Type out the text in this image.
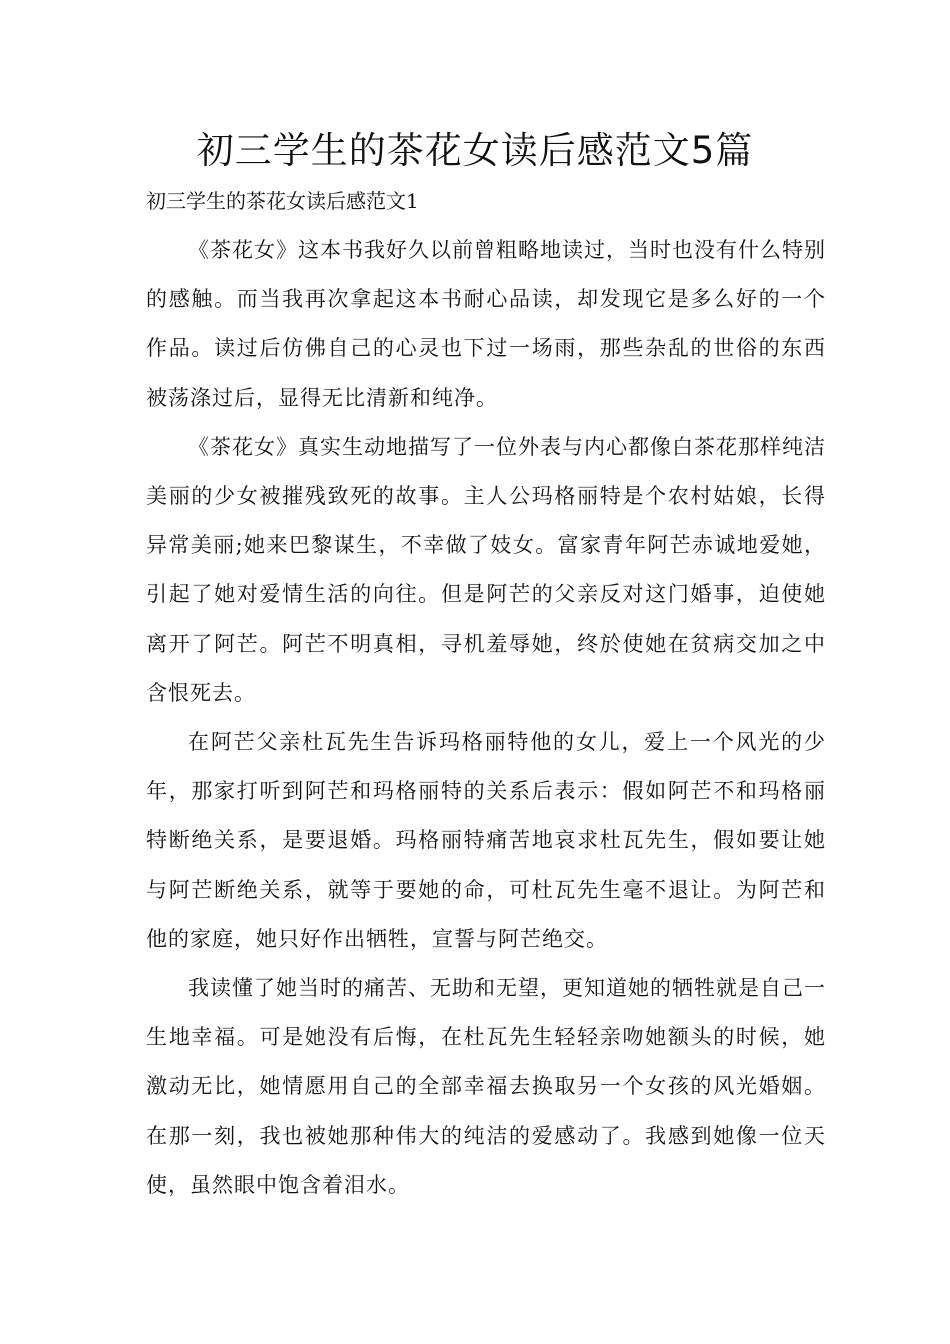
初三学生的茶花女读后感范文5篇

初三学生的茶花女读后感范文1

《茶花女》这本书我好久以前曾粗略地读过，当时也没有什么特别的感触。而当我再次拿起这本书耐心品读，却发现它是多么好的一个作品。读过后仿佛自己的心灵也下过一场雨，那些杂乱的世俗的东西被荡涤过后，显得无比清新和纯净。

《茶花女》真实生动地描写了一位外表与内心都像白茶花那样纯洁美丽的少女被摧残致死的故事。主人公玛格丽特是个农村姑娘，长得异常美丽;她来巴黎谋生，不幸做了妓女。富家青年阿芒赤诚地爱她，引起了她对爱情生活的向往。但是阿芒的父亲反对这门婚事，迫使她离开了阿芒。阿芒不明真相，寻机羞辱她，终於使她在贫病交加之中含恨死去。

在阿芒父亲杜瓦先生告诉玛格丽特他的女儿，爱上一个风光的少年，那家打听到阿芒和玛格丽特的关系后表示：假如阿芒不和玛格丽特断绝关系，是要退婚。玛格丽特痛苦地哀求杜瓦先生，假如要让她与阿芒断绝关系，就等于要她的命，可杜瓦先生毫不退让。为阿芒和他的家庭，她只好作出牺牲，宣誓与阿芒绝交。

我读懂了她当时的痛苦、无助和无望，更知道她的牺牲就是自己一生地幸福。可是她没有后悔，在杜瓦先生轻轻亲吻她额头的时候，她激动无比，她情愿用自己的全部幸福去换取另一个女孩的风光婚姻。在那一刻，我也被她那种伟大的纯洁的爱感动了。我感到她像一位天使，虽然眼中饱含着泪水。
